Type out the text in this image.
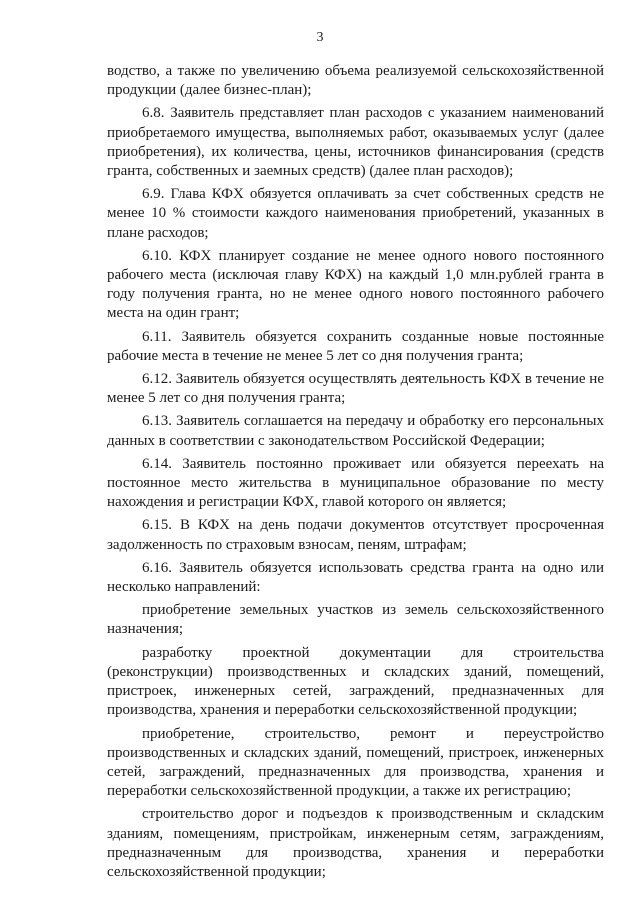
3

водство, а также по увеличению объема реализуемой сельскохозяйственной продукции (далее бизнес-план);

6.8. Заявитель представляет план расходов с указанием наименований приобретаемого имущества, выполняемых работ, оказываемых услуг (далее приобретения), их количества, цены, источников финансирования (средств гранта, собственных и заемных средств) (далее план расходов);

6.9. Глава КФХ обязуется оплачивать за счет собственных средств не менее 10 % стоимости каждого наименования приобретений, указанных в плане расходов;

6.10. КФХ планирует создание не менее одного нового постоянного рабочего места (исключая главу КФХ) на каждый 1,0 млн.рублей гранта в году получения гранта, но не менее одного нового постоянного рабочего места на один грант;

6.11. Заявитель обязуется сохранить созданные новые постоянные рабочие места в течение не менее 5 лет со дня получения гранта;

6.12. Заявитель обязуется осуществлять деятельность КФХ в течение не менее 5 лет со дня получения гранта;

6.13. Заявитель соглашается на передачу и обработку его персональных данных в соответствии с законодательством Российской Федерации;

6.14. Заявитель постоянно проживает или обязуется переехать на постоянное место жительства в муниципальное образование по месту нахождения и регистрации КФХ, главой которого он является;

6.15. В КФХ на день подачи документов отсутствует просроченная задолженность по страховым взносам, пеням, штрафам;

6.16. Заявитель обязуется использовать средства гранта на одно или несколько направлений:

приобретение земельных участков из земель сельскохозяйственного назначения;

разработку проектной документации для строительства (реконструкции) производственных и складских зданий, помещений, пристроек, инженерных сетей, заграждений, предназначенных для производства, хранения и переработки сельскохозяйственной продукции;

приобретение, строительство, ремонт и переустройство производственных и складских зданий, помещений, пристроек, инженерных сетей, заграждений, предназначенных для производства, хранения и переработки сельскохозяйственной продукции, а также их регистрацию;

строительство дорог и подъездов к производственным и складским зданиям, помещениям, пристройкам, инженерным сетям, заграждениям, предназначенным для производства, хранения и переработки сельскохозяйственной продукции;
